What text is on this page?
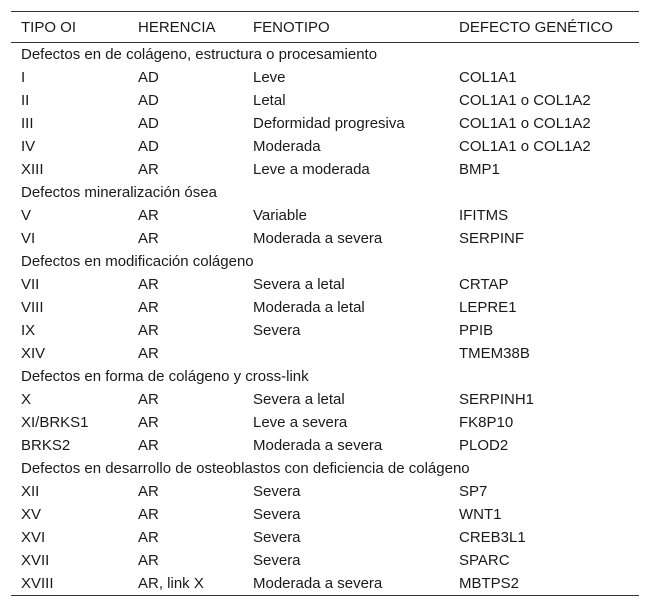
TIPO OI	HERENCIA	FENOTIPO	DEFECTO GENÉTICO
Defectos en de colágeno, estructura o procesamiento			
I	AD	Leve	COL1A1
II	AD	Letal	COL1A1 o COL1A2
III	AD	Deformidad progresiva	COL1A1 o COL1A2
IV	AD	Moderada	COL1A1 o COL1A2
XIII	AR	Leve a moderada	BMP1
Defectos mineralización ósea			
V	AR	Variable	IFITMS
VI	AR	Moderada a severa	SERPINF
Defectos en modificación colágeno			
VII	AR	Severa a letal	CRTAP
VIII	AR	Moderada a letal	LEPRE1
IX	AR	Severa	PPIB
XIV	AR		TMEM38B
Defectos en forma de colágeno y cross-link			
X	AR	Severa a letal	SERPINH1
XI/BRKS1	AR	Leve a severa	FK8P10
BRKS2	AR	Moderada a severa	PLOD2
Defectos en desarrollo de osteoblastos con deficiencia de colágeno			
XII	AR	Severa	SP7
XV	AR	Severa	WNT1
XVI	AR	Severa	CREB3L1
XVII	AR	Severa	SPARC
XVIII	AR, link X	Moderada a severa	MBTPS2
